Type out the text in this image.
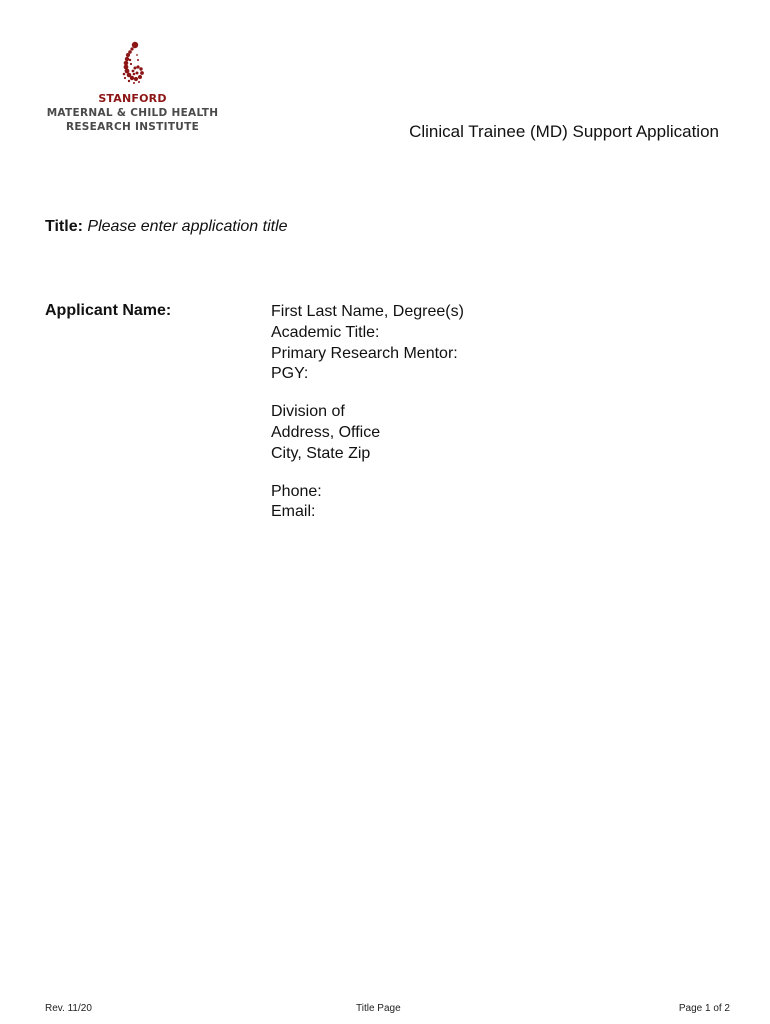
STANFORD
MATERNAL & CHILD HEALTH
RESEARCH INSTITUTE	Clinical Trainee (MD) Support Application
Title: Please enter application title
Applicant Name:	First Last Name, Degree(s)
Academic Title:
Primary Research Mentor:
PGY:
Division of
Address, Office
City, State Zip
Phone:
Email:
Rev. 11/20	Title Page	Page 1 of 2
